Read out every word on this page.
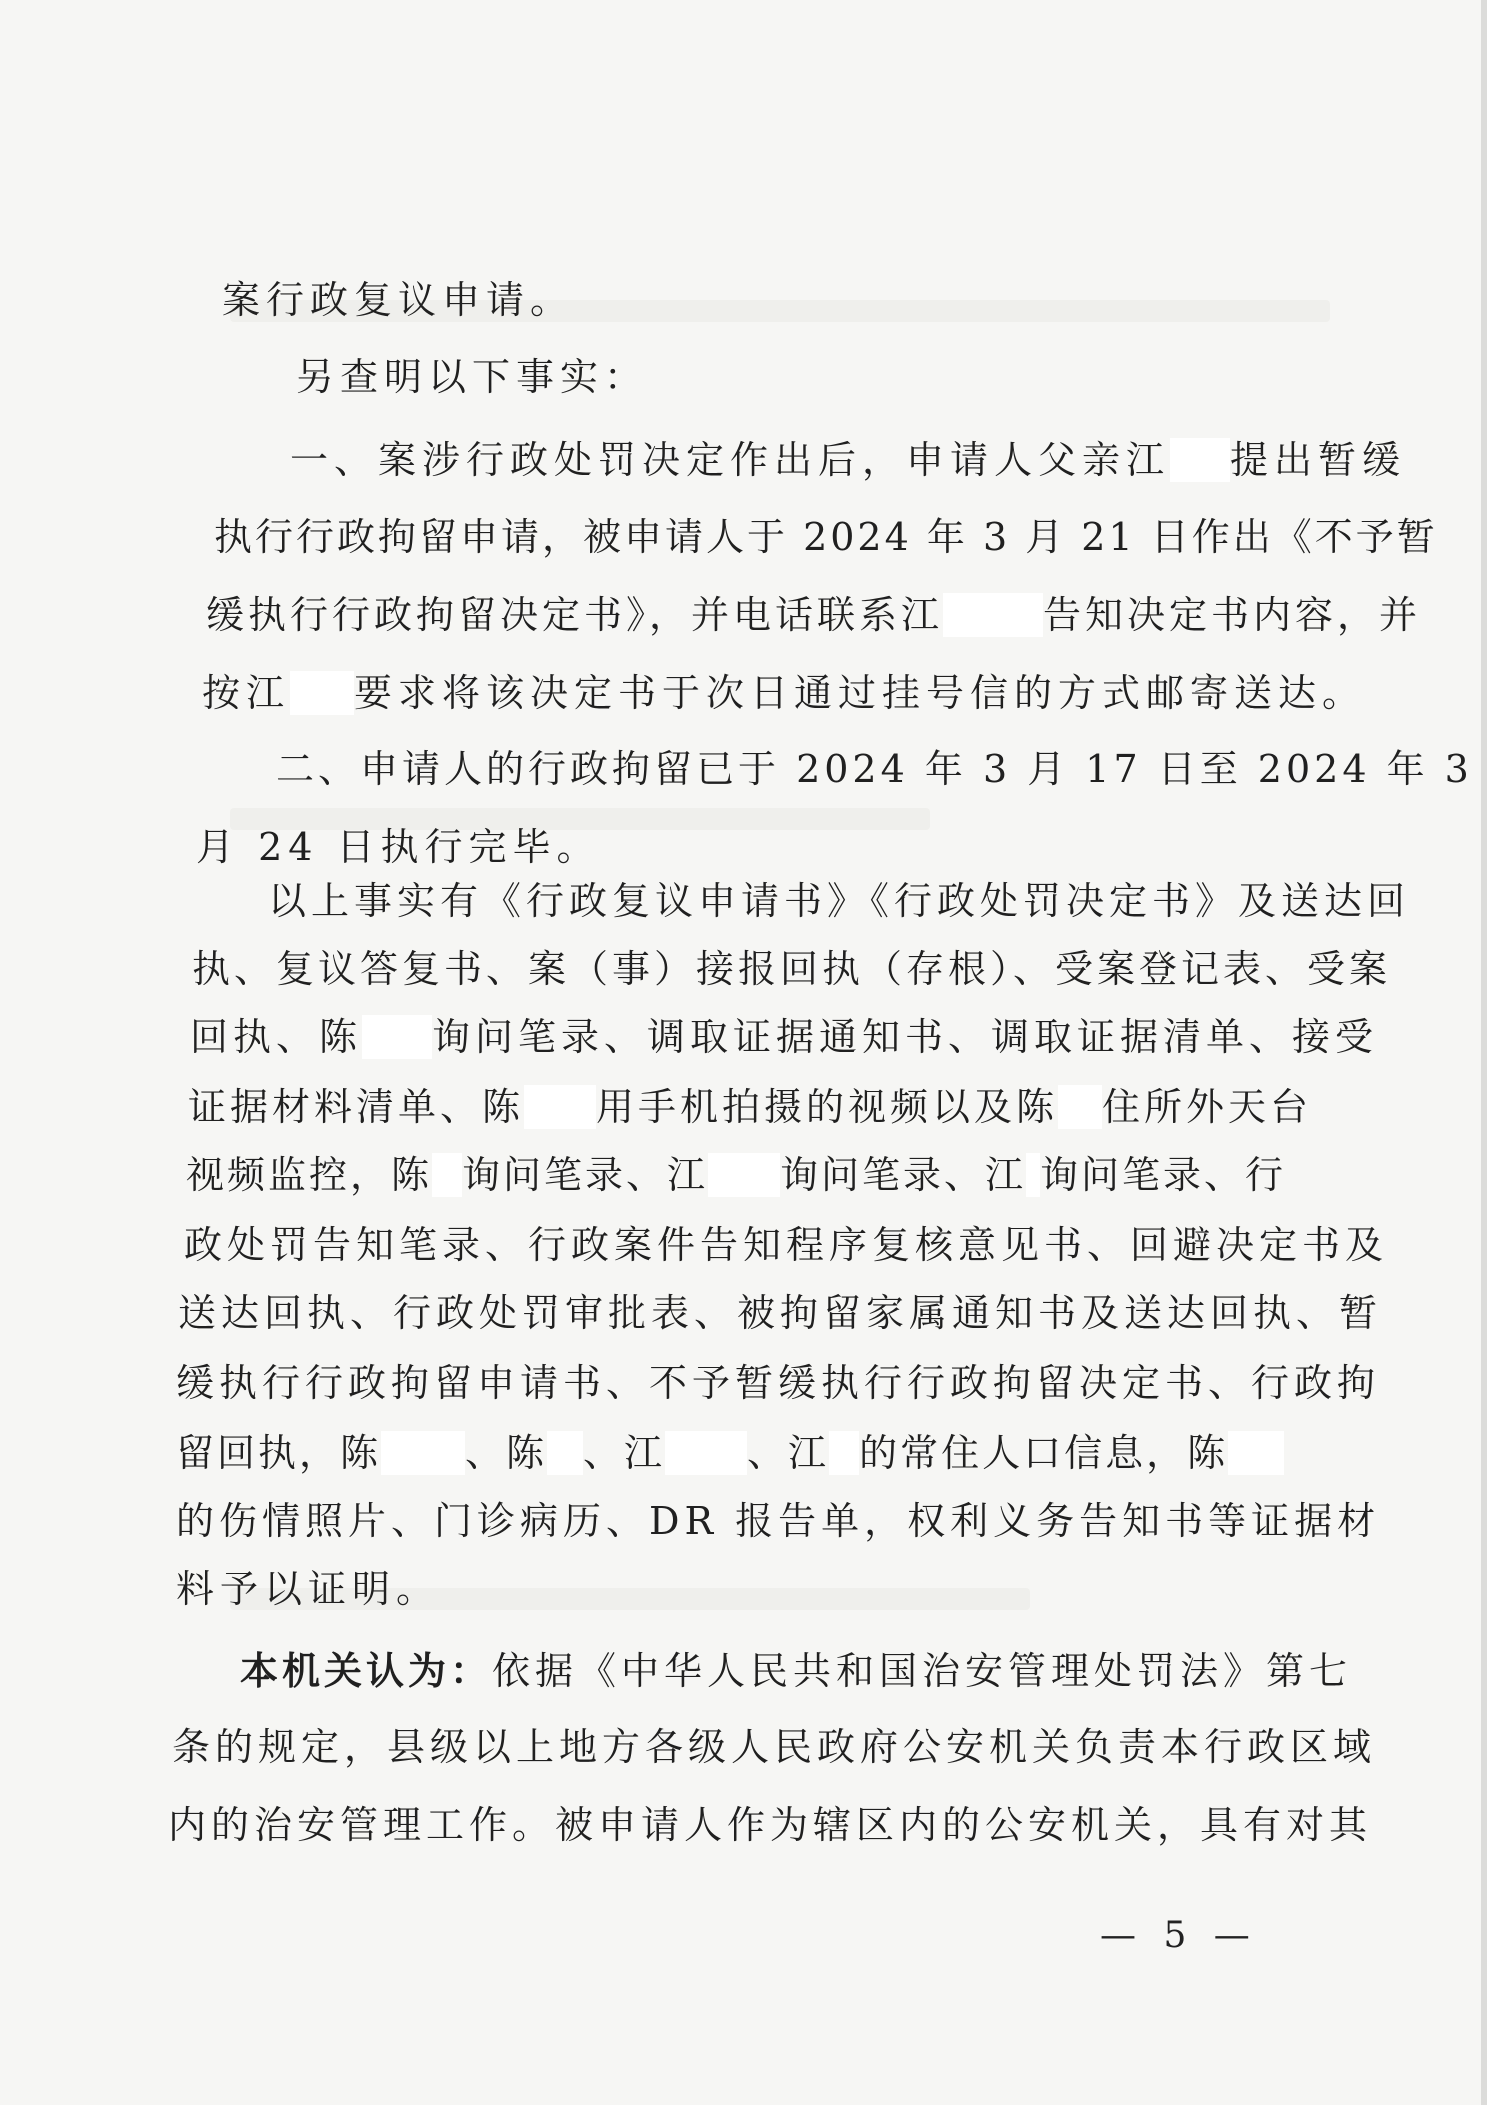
案行政复议申请。
另查明以下事实：
一、案涉行政处罚决定作出后，申请人父亲江 提出暂缓
执行行政拘留申请，被申请人于 2024 年 3 月 21 日作出《不予暂
缓执行行政拘留决定书》，并电话联系江	告知决定书内容，并
按江 要求将该决定书于次日通过挂号信的方式邮寄送达。
二、申请人的行政拘留已于 2024 年 3 月 17 日至 2024 年 3
月 24 日执行完毕。
以上事实有《行政复议申请书》《行政处罚决定书》及送达回
执、复议答复书、案（事）接报回执（存根）、受案登记表、受案
回执、陈 询问笔录、调取证据通知书、调取证据清单、接受
证据材料清单、陈 用手机拍摄的视频以及陈 住所外天台
视频监控，陈 询问笔录、江 询问笔录、江 询问笔录、行
政处罚告知笔录、行政案件告知程序复核意见书、回避决定书及
送达回执、行政处罚审批表、被拘留家属通知书及送达回执、暂
缓执行行政拘留申请书、不予暂缓执行行政拘留决定书、行政拘
留回执，陈 、陈 、江 、江 的常住人口信息，陈
的伤情照片、门诊病历、DR 报告单，权利义务告知书等证据材
料予以证明。
本机关认为：依据《中华人民共和国治安管理处罚法》第七
条的规定，县级以上地方各级人民政府公安机关负责本行政区域
内的治安管理工作。被申请人作为辖区内的公安机关，具有对其
— 5 —
